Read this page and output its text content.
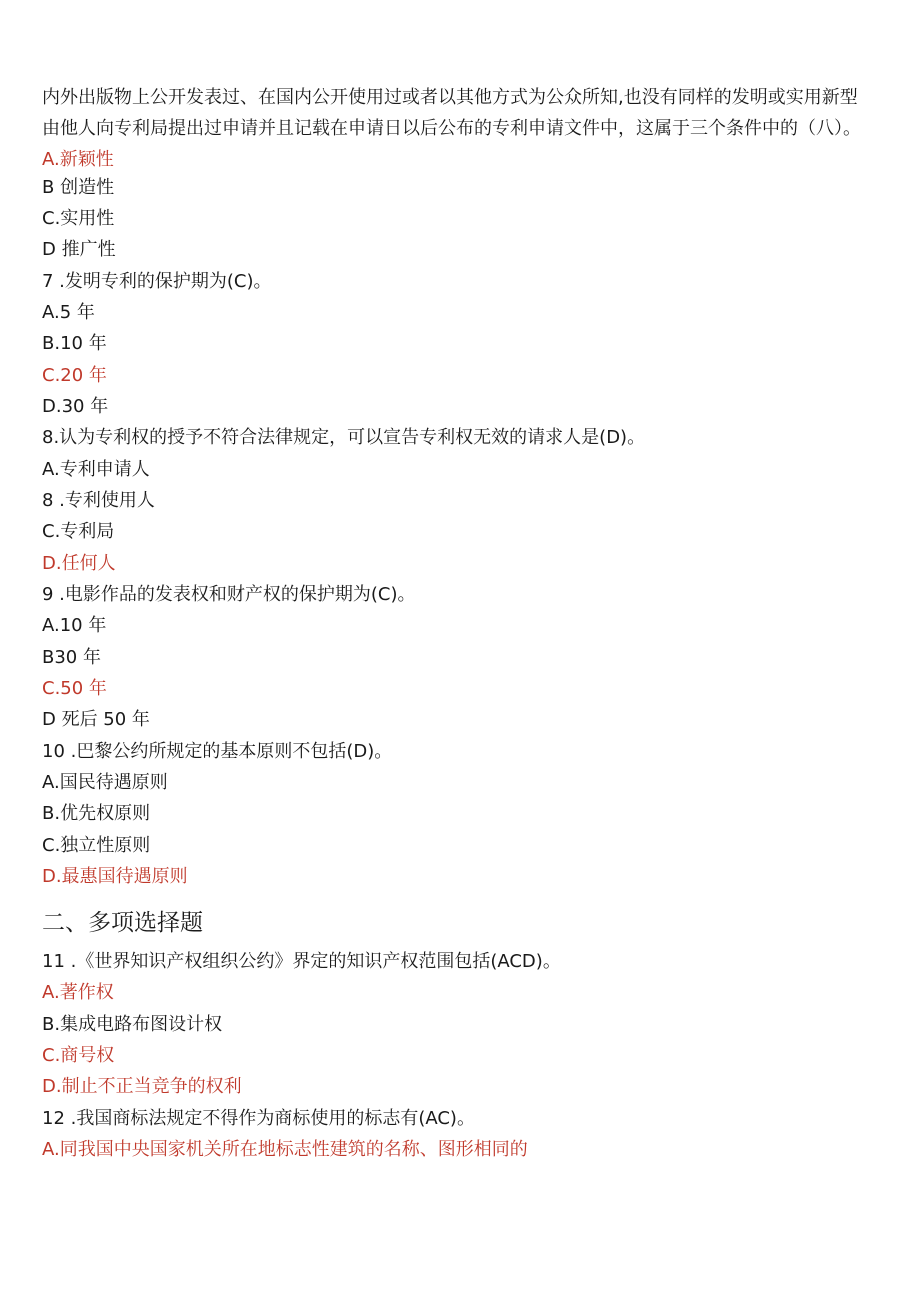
内外出版物上公开发表过、在国内公开使用过或者以其他方式为公众所知,也没有同样的发明或实用新型由他人向专利局提出过申请并且记载在申请日以后公布的专利申请文件中，这属于三个条件中的（八）。A.新颖性

B 创造性

C.实用性

D 推广性

7 .发明专利的保护期为(C)。

A.5 年

B.10 年

C.20 年

D.30 年

8.认为专利权的授予不符合法律规定，可以宣告专利权无效的请求人是(D)。

A.专利申请人

8 .专利使用人

C.专利局

D.任何人

9 .电影作品的发表权和财产权的保护期为(C)。

A.10 年

B30 年

C.50 年

D 死后 50 年

10 .巴黎公约所规定的基本原则不包括(D)。

A.国民待遇原则

B.优先权原则

C.独立性原则

D.最惠国待遇原则

二、多项选择题

11 .《世界知识产权组织公约》界定的知识产权范围包括(ACD)。

A.著作权

B.集成电路布图设计权

C.商号权

D.制止不正当竞争的权利

12 .我国商标法规定不得作为商标使用的标志有(AC)。

A.同我国中央国家机关所在地标志性建筑的名称、图形相同的
